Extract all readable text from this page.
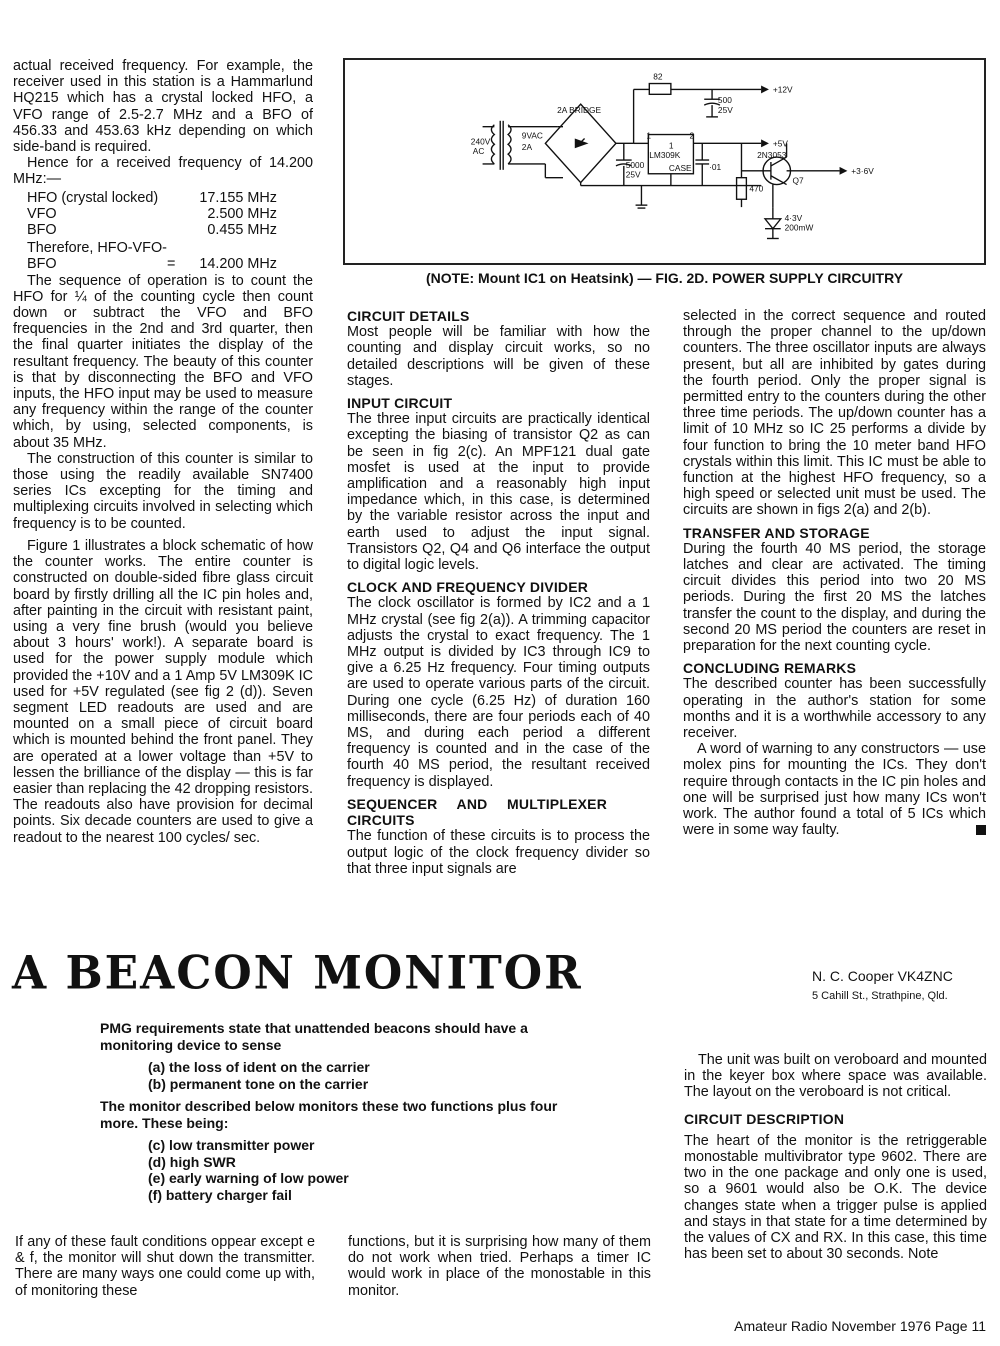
actual received frequency. For example, the receiver used in this station is a Hammarlund HQ215 which has a crystal locked HFO, a VFO range of 2.5-2.7 MHz and a BFO of 456.33 and 453.63 kHz depending on which side-band is required.

Hence for a received frequency of 14.200 MHz:—

HFO (crystal locked)	17.155 MHz
VFO	2.500 MHz
BFO	0.455 MHz
Therefore, HFO-VFO-
BFO	=      14.200 MHz

The sequence of operation is to count the HFO for ¼ of the counting cycle then count down or subtract the VFO and BFO frequencies in the 2nd and 3rd quarter, then the final quarter initiates the display of the resultant frequency. The beauty of this counter is that by disconnecting the BFO and VFO inputs, the HFO input may be used to measure any frequency within the range of the counter which, by using, selected components, is about 35 MHz.

The construction of this counter is similar to those using the readily available SN7400 series ICs excepting for the timing and multiplexing circuits involved in selecting which frequency is to be counted.

Figure 1 illustrates a block schematic of how the counter works. The entire counter is constructed on double-sided fibre glass circuit board by firstly drilling all the IC pin holes and, after painting in the circuit with resistant paint, using a very fine brush (would you believe about 3 hours' work!). A separate board is used for the power supply module which provided the +10V and a 1 Amp 5V LM309K IC used for +5V regulated (see fig 2 (d)). Seven segment LED readouts are used and are mounted on a small piece of circuit board which is mounted behind the front panel. They are operated at a lower voltage than +5V to lessen the brilliance of the display — this is far easier than replacing the 42 dropping resistors. The readouts also have provision for decimal points. Six decade counters are used to give a readout to the nearest 100 cycles/ sec.

82
+12V
500
25V
2A BRIDGE
240V
AC
9VAC
2A	+5V
2N3053
+3·6V
5000
25V
LM309K
1
1	2
CASE ·01
470
Q7
4·3V
200mW
(NOTE: Mount IC1 on Heatsink) — FIG. 2D. POWER SUPPLY CIRCUITRY
CIRCUIT DETAILS

Most people will be familiar with how the counting and display circuit works, so no detailed descriptions will be given of these stages.

INPUT CIRCUIT

The three input circuits are practically identical excepting the biasing of transistor Q2 as can be seen in fig 2(c). An MPF121 dual gate mosfet is used at the input to provide amplification and a reasonably high input impedance which, in this case, is determined by the variable resistor across the input and earth used to adjust the input signal. Transistors Q2, Q4 and Q6 interface the output to digital logic levels.

CLOCK AND FREQUENCY DIVIDER

The clock oscillator is formed by IC2 and a 1 MHz crystal (see fig 2(a)). A trimming capacitor adjusts the crystal to exact frequency. The 1 MHz output is divided by IC3 through IC9 to give a 6.25 Hz frequency. Four timing outputs are used to operate various parts of the circuit. During one cycle (6.25 Hz) of duration 160 milliseconds, there are four periods each of 40 MS, and during each period a different frequency is counted and in the case of the fourth 40 MS period, the resultant received frequency is displayed.

SEQUENCER AND MULTIPLEXER CIRCUITS

The function of these circuits is to process the output logic of the clock frequency divider so that three input signals are

selected in the correct sequence and routed through the proper channel to the up/down counters. The three oscillator inputs are always present, but all are inhibited by gates during the fourth period. Only the proper signal is permitted entry to the counters during the other three time periods. The up/down counter has a limit of 10 MHz so IC 25 performs a divide by four function to bring the 10 meter band HFO crystals within this limit. This IC must be able to function at the highest HFO frequency, so a high speed or selected unit must be used. The circuits are shown in figs 2(a) and 2(b).

TRANSFER AND STORAGE

During the fourth 40 MS period, the storage latches and clear are activated. The timing circuit divides this period into two 20 MS periods. During the first 20 MS the latches transfer the count to the display, and during the second 20 MS period the counters are reset in preparation for the next counting cycle.

CONCLUDING REMARKS

The described counter has been successfully operating in the author's station for some months and it is a worthwhile accessory to any receiver.

A word of warning to any constructors — use molex pins for mounting the ICs. They don't require through contacts in the IC pin holes and one will be surprised just how many ICs won't work. The author found a total of 5 ICs which were in some way faulty.

A BEACON MONITOR	N. C. Cooper VK4ZNC
5 Cahill St., Strathpine, Qld.

PMG requirements state that unattended beacons should have a monitoring device to sense

(a) the loss of ident on the carrier

(b) permanent tone on the carrier

The monitor described below monitors these two functions plus four more. These being:

(c) low transmitter power

(d) high SWR

(e) early warning of low power

(f) battery charger fail

If any of these fault conditions oppear except e & f, the monitor will shut down the transmitter. There are many ways one could come up with, of monitoring these

functions, but it is surprising how many of them do not work when tried. Perhaps a timer IC would work in place of the monostable in this monitor.

The unit was built on veroboard and mounted in the keyer box where space was available. The layout on the veroboard is not critical.

CIRCUIT DESCRIPTION

The heart of the monitor is the retriggerable monostable multivibrator type 9602. There are two in the one package and only one is used, so a 9601 would also be O.K. The device changes state when a trigger pulse is applied and stays in that state for a time determined by the values of CX and RX. In this case, this time has been set to about 30 seconds. Note

Amateur Radio November 1976 Page 11
